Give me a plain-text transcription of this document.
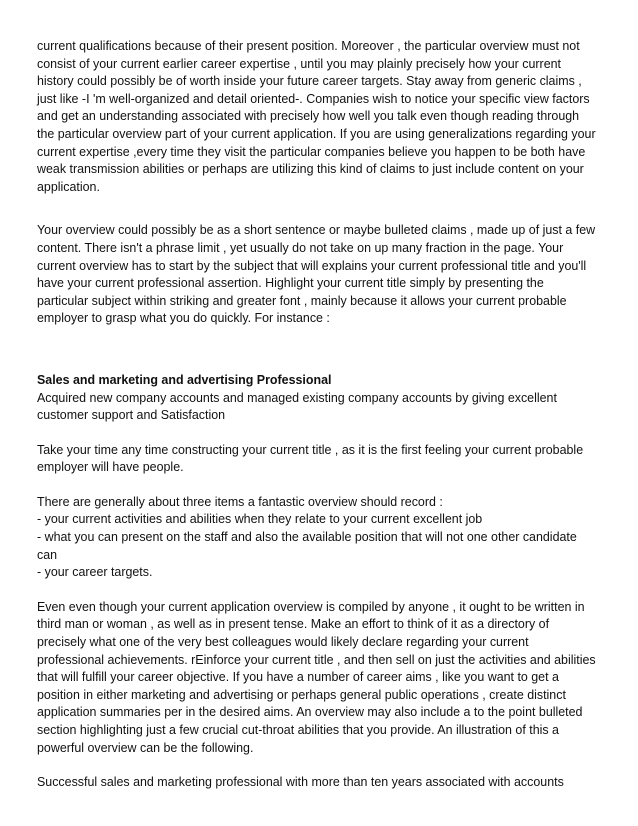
current qualifications because of their present position. Moreover , the particular overview must not
consist of your current earlier career expertise , until you may plainly precisely how your current
history could possibly be of worth inside your future career targets. Stay away from generic claims ,
just like -I 'm well-organized and detail oriented-. Companies wish to notice your specific view factors
and get an understanding associated with precisely how well you talk even though reading through
the particular overview part of your current application. If you are using generalizations regarding your
current expertise ,every time they visit the particular companies believe you happen to be both have
weak transmission abilities or perhaps are utilizing this kind of claims to just include content on your
application.
Your overview could possibly be as a short sentence or maybe bulleted claims , made up of just a few
content. There isn't a phrase limit , yet usually do not take on up many fraction in the page. Your
current overview has to start by the subject that will explains your current professional title and you'll
have your current professional assertion. Highlight your current title simply by presenting the
particular subject within striking and greater font , mainly because it allows your current probable
employer to grasp what you do quickly. For instance :
Sales and marketing and advertising Professional
Acquired new company accounts and managed existing company accounts by giving excellent
customer support and Satisfaction
Take your time any time constructing your current title , as it is the first feeling your current probable
employer will have people.
There are generally about three items a fantastic overview should record :
- your current activities and abilities when they relate to your current excellent job
- what you can present on the staff and also the available position that will not one other candidate
can
- your career targets.
Even even though your current application overview is compiled by anyone , it ought to be written in
third man or woman , as well as in present tense. Make an effort to think of it as a directory of
precisely what one of the very best colleagues would likely declare regarding your current
professional achievements. rEinforce your current title , and then sell on just the activities and abilities
that will fulfill your career objective. If you have a number of career aims , like you want to get a
position in either marketing and advertising or perhaps general public operations , create distinct
application summaries per in the desired aims. An overview may also include a to the point bulleted
section highlighting just a few crucial cut-throat abilities that you provide. An illustration of this a
powerful overview can be the following.
Successful sales and marketing professional with more than ten years associated with accounts
